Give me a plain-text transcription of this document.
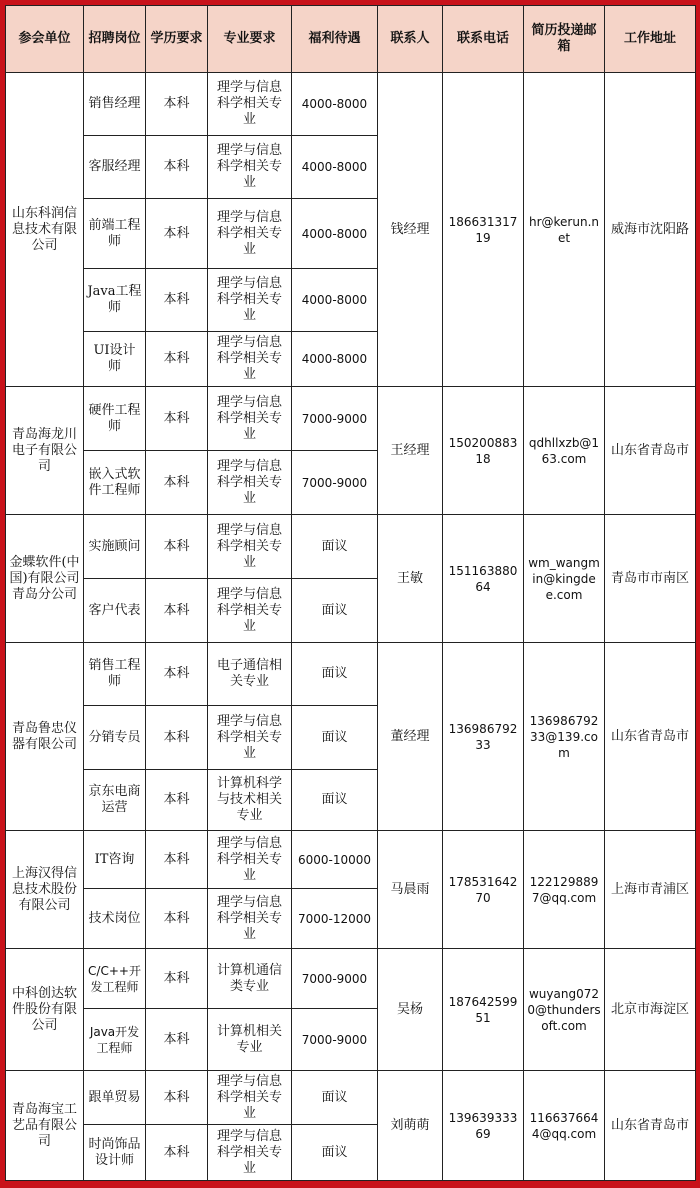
参会单位	招聘岗位	学历要求	专业要求	福利待遇	联系人	联系电话	简历投递邮箱	工作地址
山东科润信息技术有限公司	销售经理	本科	理学与信息科学相关专业	4000-8000	钱经理	18663131719	hr@kerun.net	威海市沈阳路
	客服经理	本科	理学与信息科学相关专业	4000-8000				
	前端工程师	本科	理学与信息科学相关专业	4000-8000				
	Java工程师	本科	理学与信息科学相关专业	4000-8000				
	UI设计师	本科	理学与信息科学相关专业	4000-8000				
青岛海龙川电子有限公司	硬件工程师	本科	理学与信息科学相关专业	7000-9000	王经理	15020088318	qdhllxzb@163.com	山东省青岛市
	嵌入式软件工程师	本科	理学与信息科学相关专业	7000-9000				
金蝶软件(中国)有限公司青岛分公司	实施顾问	本科	理学与信息科学相关专业	面议	王敏	15116388064	wm_wangmin@kingdee.com	青岛市市南区
	客户代表	本科	理学与信息科学相关专业	面议				
青岛鲁忠仪器有限公司	销售工程师	本科	电子通信相关专业	面议	董经理	13698679233	13698679233@139.com	山东省青岛市
	分销专员	本科	理学与信息科学相关专业	面议				
	京东电商运营	本科	计算机科学与技术相关专业	面议				
上海汉得信息技术股份有限公司	IT咨询	本科	理学与信息科学相关专业	6000-10000	马晨雨	17853164270	1221298897@qq.com	上海市青浦区
	技术岗位	本科	理学与信息科学相关专业	7000-12000				
中科创达软件股份有限公司	C/C++开发工程师	本科	计算机通信类专业	7000-9000	吴杨	18764259951	wuyang0720@thundersoft.com	北京市海淀区
	Java开发工程师	本科	计算机相关专业	7000-9000				
青岛海宝工艺品有限公司	跟单贸易	本科	理学与信息科学相关专业	面议	刘萌萌	13963933369	1166376644@qq.com	山东省青岛市
	时尚饰品设计师	本科	理学与信息科学相关专业	面议				
